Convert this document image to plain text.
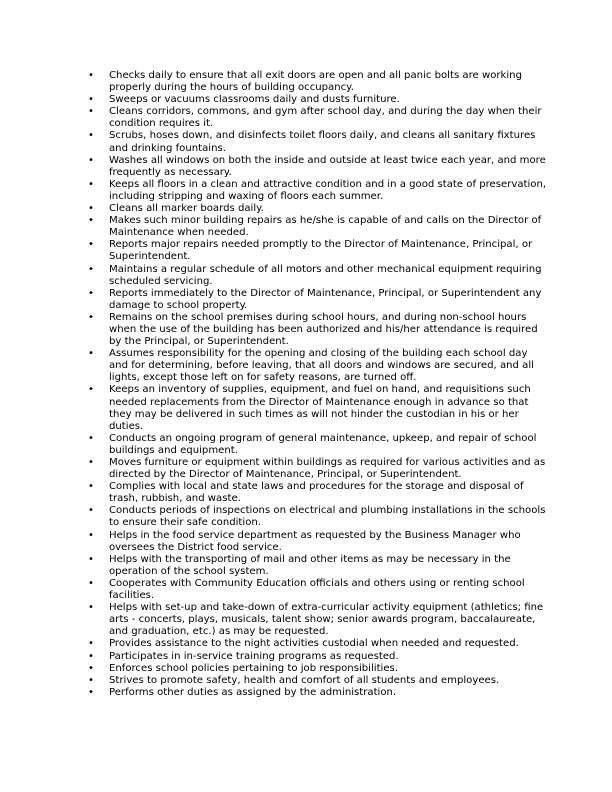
• Checks daily to ensure that all exit doors are open and all panic bolts are working properly during the hours of building occupancy.
• Sweeps or vacuums classrooms daily and dusts furniture.
• Cleans corridors, commons, and gym after school day, and during the day when their condition requires it.
• Scrubs, hoses down, and disinfects toilet floors daily, and cleans all sanitary fixtures and drinking fountains.
• Washes all windows on both the inside and outside at least twice each year, and more frequently as necessary.
• Keeps all floors in a clean and attractive condition and in a good state of preservation, including stripping and waxing of floors each summer.
• Cleans all marker boards daily.
• Makes such minor building repairs as he/she is capable of and calls on the Director of Maintenance when needed.
• Reports major repairs needed promptly to the Director of Maintenance, Principal, or Superintendent.
• Maintains a regular schedule of all motors and other mechanical equipment requiring scheduled servicing.
• Reports immediately to the Director of Maintenance, Principal, or Superintendent any damage to school property.
• Remains on the school premises during school hours, and during non-school hours when the use of the building has been authorized and his/her attendance is required by the Principal, or Superintendent.
• Assumes responsibility for the opening and closing of the building each school day and for determining, before leaving, that all doors and windows are secured, and all lights, except those left on for safety reasons, are turned off.
• Keeps an inventory of supplies, equipment, and fuel on hand, and requisitions such needed replacements from the Director of Maintenance enough in advance so that they may be delivered in such times as will not hinder the custodian in his or her duties.
• Conducts an ongoing program of general maintenance, upkeep, and repair of school buildings and equipment.
• Moves furniture or equipment within buildings as required for various activities and as directed by the Director of Maintenance, Principal, or Superintendent.
• Complies with local and state laws and procedures for the storage and disposal of trash, rubbish, and waste.
• Conducts periods of inspections on electrical and plumbing installations in the schools to ensure their safe condition.
• Helps in the food service department as requested by the Business Manager who oversees the District food service.
• Helps with the transporting of mail and other items as may be necessary in the operation of the school system.
• Cooperates with Community Education officials and others using or renting school facilities.
• Helps with set-up and take-down of extra-curricular activity equipment (athletics; fine arts - concerts, plays, musicals, talent show; senior awards program, baccalaureate, and graduation, etc.) as may be requested.
• Provides assistance to the night activities custodial when needed and requested.
• Participates in in-service training programs as requested.
• Enforces school policies pertaining to job responsibilities.
• Strives to promote safety, health and comfort of all students and employees.
• Performs other duties as assigned by the administration.
